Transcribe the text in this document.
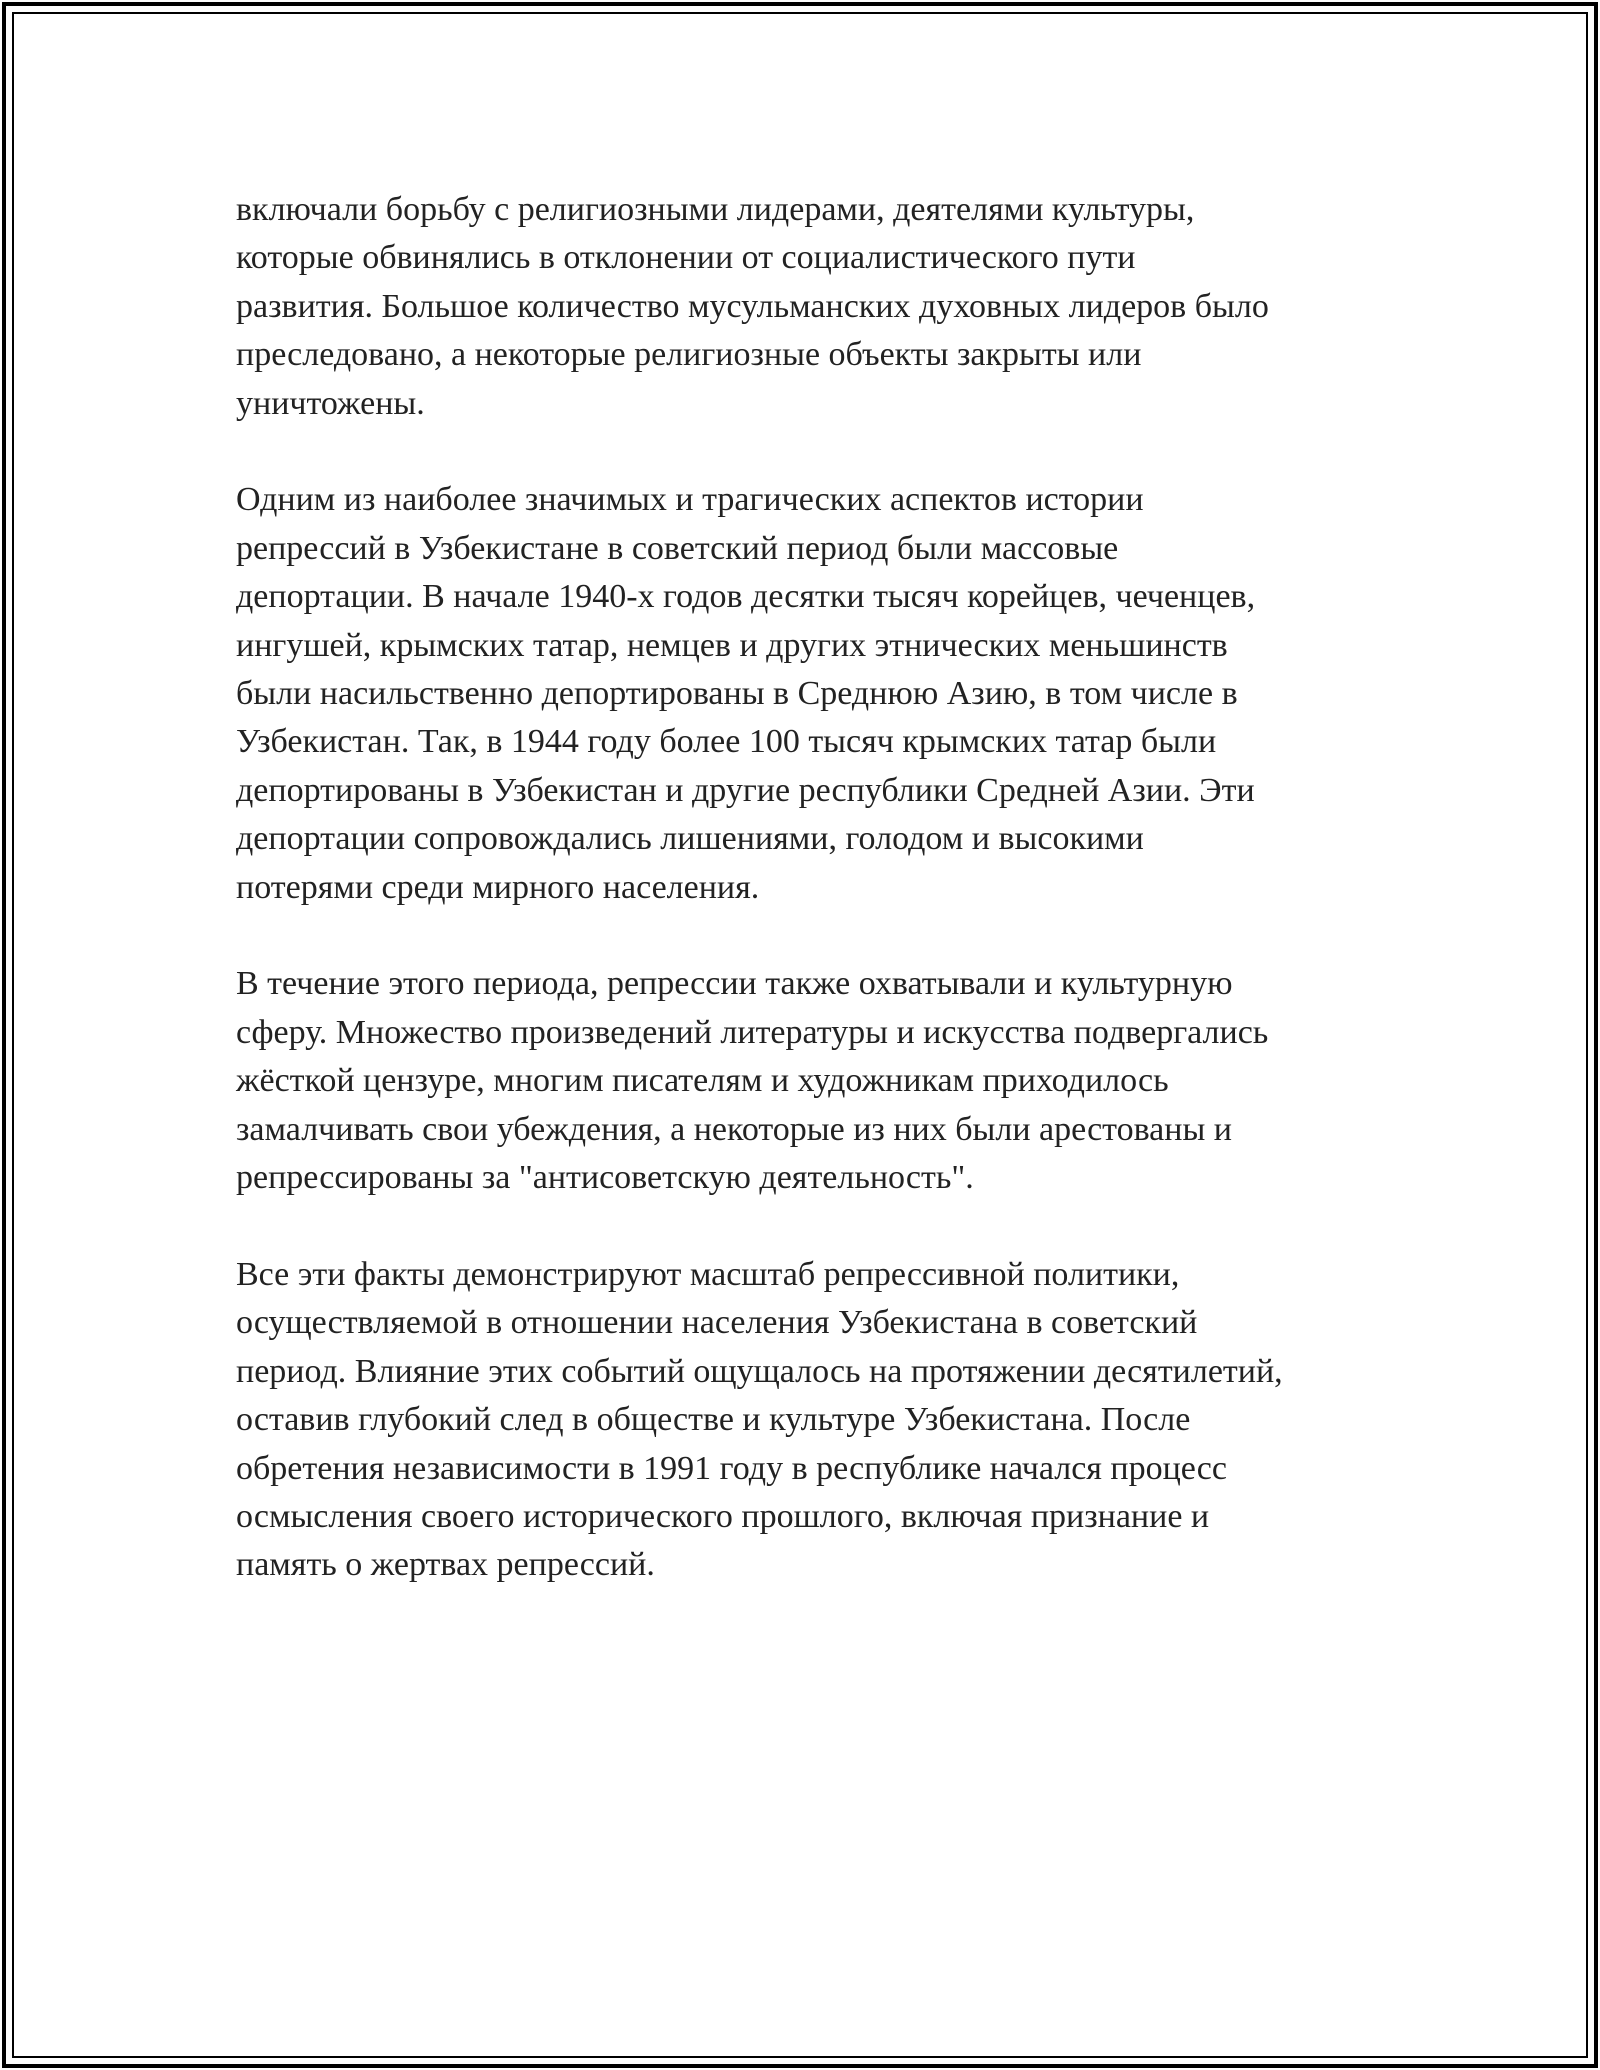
включали борьбу с религиозными лидерами, деятелями культуры,
которые обвинялись в отклонении от социалистического пути
развития. Большое количество мусульманских духовных лидеров было
преследовано, а некоторые религиозные объекты закрыты или
уничтожены.

Одним из наиболее значимых и трагических аспектов истории
репрессий в Узбекистане в советский период были массовые
депортации. В начале 1940-х годов десятки тысяч корейцев, чеченцев,
ингушей, крымских татар, немцев и других этнических меньшинств
были насильственно депортированы в Среднюю Азию, в том числе в
Узбекистан. Так, в 1944 году более 100 тысяч крымских татар были
депортированы в Узбекистан и другие республики Средней Азии. Эти
депортации сопровождались лишениями, голодом и высокими
потерями среди мирного населения.

В течение этого периода, репрессии также охватывали и культурную
сферу. Множество произведений литературы и искусства подвергались
жёсткой цензуре, многим писателям и художникам приходилось
замалчивать свои убеждения, а некоторые из них были арестованы и
репрессированы за "антисоветскую деятельность".

Все эти факты демонстрируют масштаб репрессивной политики,
осуществляемой в отношении населения Узбекистана в советский
период. Влияние этих событий ощущалось на протяжении десятилетий,
оставив глубокий след в обществе и культуре Узбекистана. После
обретения независимости в 1991 году в республике начался процесс
осмысления своего исторического прошлого, включая признание и
память о жертвах репрессий.
